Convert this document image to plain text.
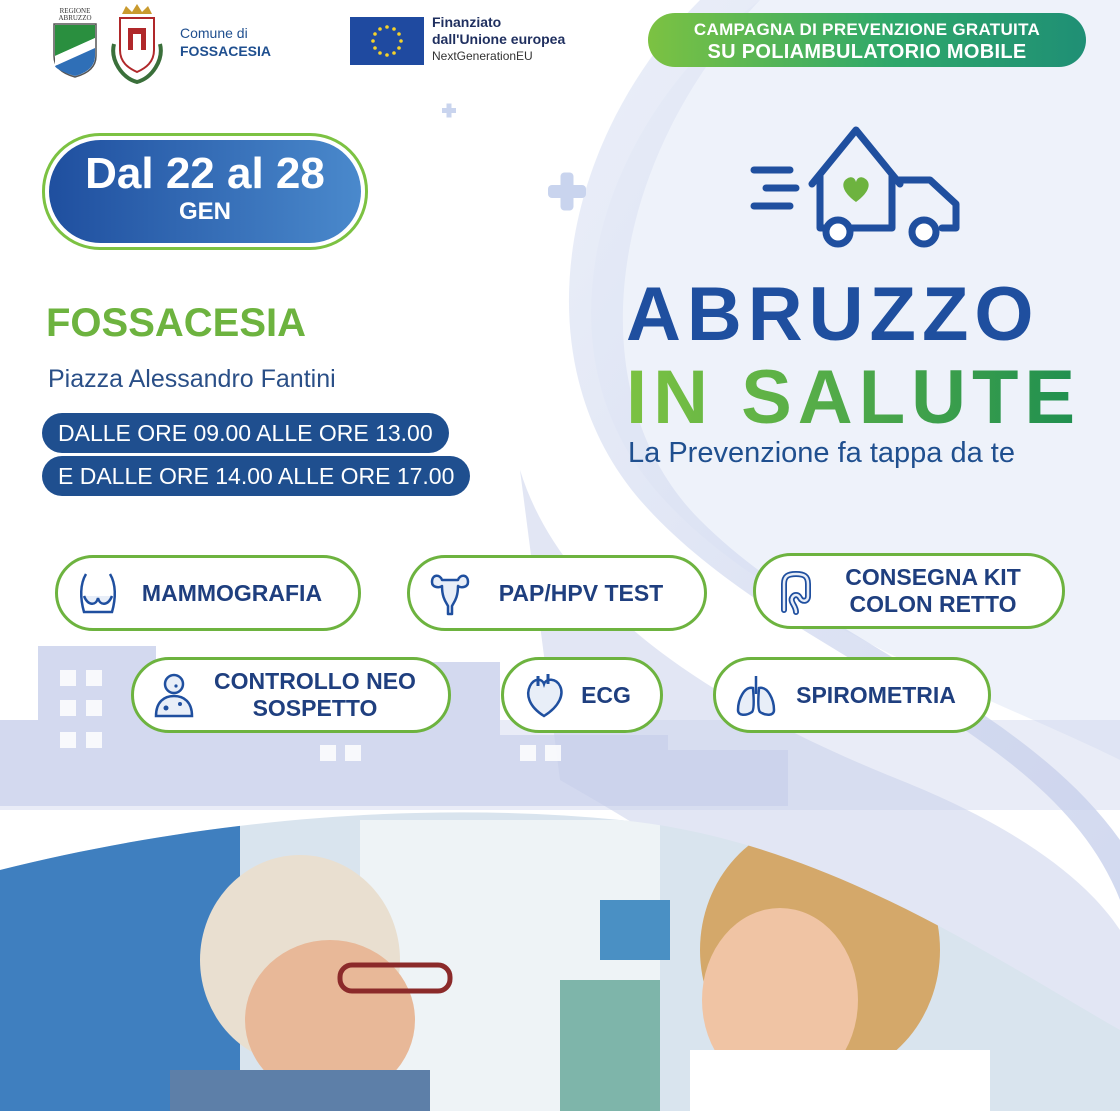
REGIONE ABRUZZO
Comune di
FOSSACESIA
Finanziato
dall'Unione europea
NextGenerationEU
CAMPAGNA DI PREVENZIONE GRATUITA
SU POLIAMBULATORIO MOBILE
Dal 22 al 28
GEN
FOSSACESIA
Piazza Alessandro Fantini
DALLE ORE 09.00 ALLE ORE 13.00
E DALLE ORE 14.00 ALLE ORE 17.00
ABRUZZO
IN SALUTE
La Prevenzione fa tappa da te
MAMMOGRAFIA	PAP/HPV TEST
CONSEGNA KIT
COLON RETTO
CONTROLLO NEO
SOSPETTO
ECG	SPIROMETRIA
